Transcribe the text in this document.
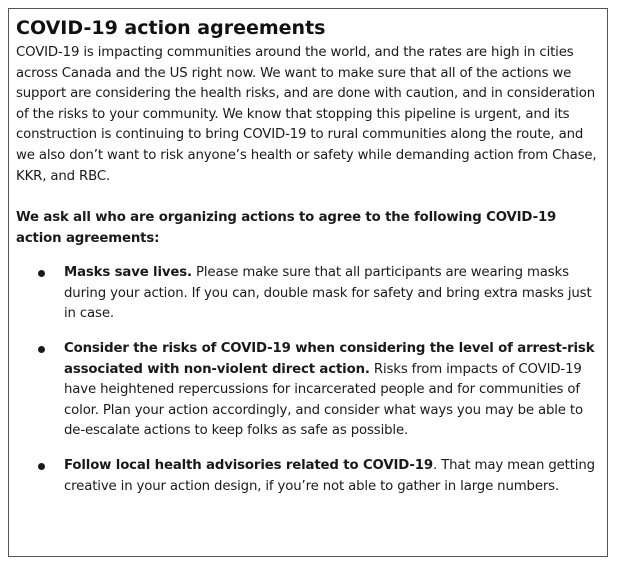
COVID-19 action agreements

COVID-19 is impacting communities around the world, and the rates are high in cities across Canada and the US right now. We want to make sure that all of the actions we support are considering the health risks, and are done with caution, and in consideration of the risks to your community. We know that stopping this pipeline is urgent, and its construction is continuing to bring COVID-19 to rural communities along the route, and we also don’t want to risk anyone’s health or safety while demanding action from Chase, KKR, and RBC.

We ask all who are organizing actions to agree to the following COVID-19 action agreements:

Masks save lives. Please make sure that all participants are wearing masks during your action. If you can, double mask for safety and bring extra masks just in case.
Consider the risks of COVID-19 when considering the level of arrest-risk associated with non-violent direct action. Risks from impacts of COVID-19 have heightened repercussions for incarcerated people and for communities of color. Plan your action accordingly, and consider what ways you may be able to de-escalate actions to keep folks as safe as possible.
Follow local health advisories related to COVID-19. That may mean getting creative in your action design, if you’re not able to gather in large numbers.
